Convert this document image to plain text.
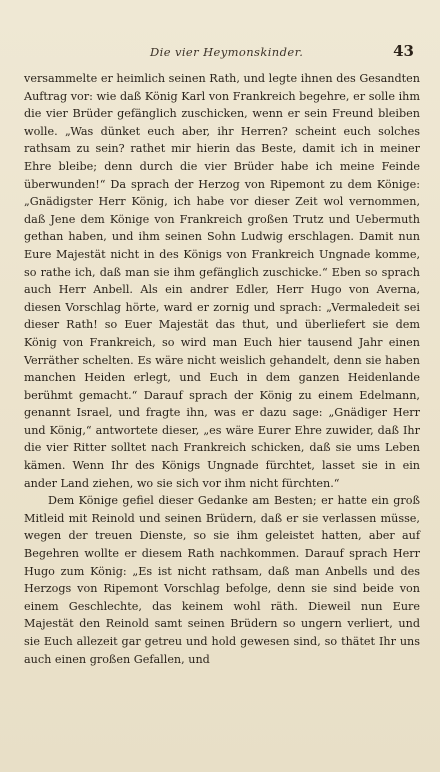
Die vier Heymonskinder.	43

versammelte er heimlich seinen Rath, und legte ihnen des Gesandten Auftrag vor: wie daß König Karl von Frankreich begehre, er solle ihm die vier Brüder gefänglich zuschicken, wenn er sein Freund bleiben wolle. „Was dünket euch aber, ihr Herren? scheint euch solches rathsam zu sein? rathet mir hierin das Beste, damit ich in meiner Ehre bleibe; denn durch die vier Brüder habe ich meine Feinde überwunden!“ Da sprach der Herzog von Ripemont zu dem Könige: „Gnädigster Herr König, ich habe vor dieser Zeit wol vernommen, daß Jene dem Könige von Frankreich großen Trutz und Uebermuth gethan haben, und ihm seinen Sohn Ludwig erschlagen. Damit nun Eure Majestät nicht in des Königs von Frankreich Ungnade komme, so rathe ich, daß man sie ihm gefänglich zuschicke.“ Eben so sprach auch Herr Anbell. Als ein andrer Edler, Herr Hugo von Averna, diesen Vorschlag hörte, ward er zornig und sprach: „Vermaledeit sei dieser Rath! so Euer Majestät das thut, und überliefert sie dem König von Frankreich, so wird man Euch hier tausend Jahr einen Verräther schelten. Es wäre nicht weislich gehandelt, denn sie haben manchen Heiden erlegt, und Euch in dem ganzen Heidenlande berühmt gemacht.“ Darauf sprach der König zu einem Edelmann, genannt Israel, und fragte ihn, was er dazu sage: „Gnädiger Herr und König,“ antwortete dieser, „es wäre Eurer Ehre zuwider, daß Ihr die vier Ritter solltet nach Frankreich schicken, daß sie ums Leben kämen. Wenn Ihr des Königs Ungnade fürchtet, lasset sie in ein ander Land ziehen, wo sie sich vor ihm nicht fürchten.“

Dem Könige gefiel dieser Gedanke am Besten; er hatte ein groß Mitleid mit Reinold und seinen Brüdern, daß er sie verlassen müsse, wegen der treuen Dienste, so sie ihm geleistet hatten, aber auf Begehren wollte er diesem Rath nachkommen. Darauf sprach Herr Hugo zum König: „Es ist nicht rathsam, daß man Anbells und des Herzogs von Ripemont Vorschlag befolge, denn sie sind beide von einem Geschlechte, das keinem wohl räth. Dieweil nun Eure Majestät den Reinold samt seinen Brüdern so ungern verliert, und sie Euch allezeit gar getreu und hold gewesen sind, so thätet Ihr uns auch einen großen Gefallen, und
